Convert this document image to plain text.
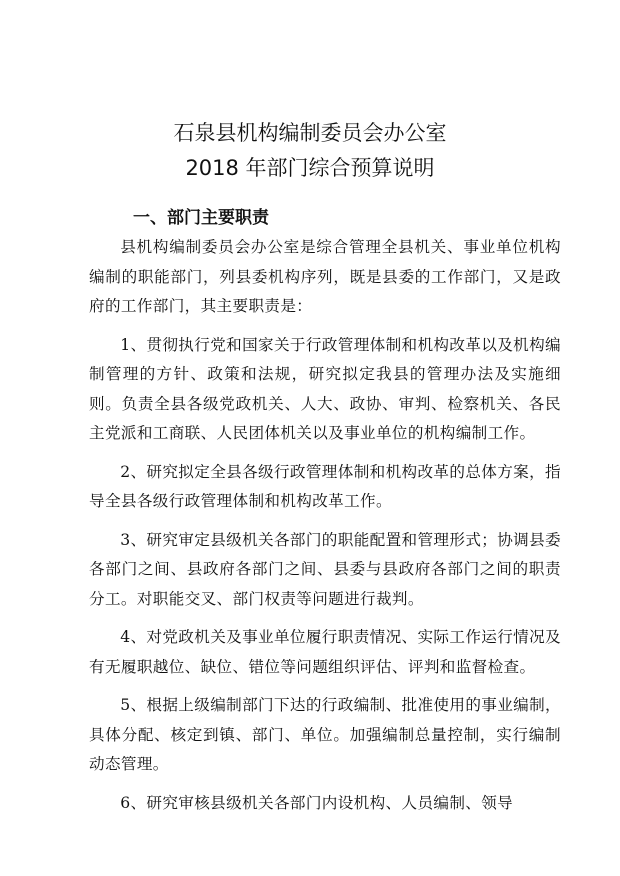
石泉县机构编制委员会办公室
2018 年部门综合预算说明
一、部门主要职责

县机构编制委员会办公室是综合管理全县机关、事业单位机构编制的职能部门，列县委机构序列，既是县委的工作部门，又是政府的工作部门，其主要职责是：

1、贯彻执行党和国家关于行政管理体制和机构改革以及机构编制管理的方针、政策和法规，研究拟定我县的管理办法及实施细则。负责全县各级党政机关、人大、政协、审判、检察机关、各民主党派和工商联、人民团体机关以及事业单位的机构编制工作。

2、研究拟定全县各级行政管理体制和机构改革的总体方案，指导全县各级行政管理体制和机构改革工作。

3、研究审定县级机关各部门的职能配置和管理形式；协调县委各部门之间、县政府各部门之间、县委与县政府各部门之间的职责分工。对职能交叉、部门权责等问题进行裁判。

4、对党政机关及事业单位履行职责情况、实际工作运行情况及有无履职越位、缺位、错位等问题组织评估、评判和监督检查。

5、根据上级编制部门下达的行政编制、批准使用的事业编制，具体分配、核定到镇、部门、单位。加强编制总量控制，实行编制动态管理。

6、研究审核县级机关各部门内设机构、人员编制、领导
